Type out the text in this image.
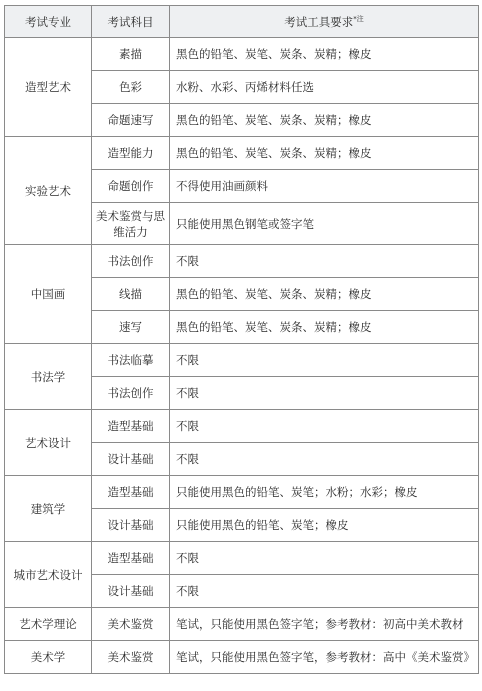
考试专业	考试科目	考试工具要求$^{*注}$
造型艺术	素描	黑色的铅笔、炭笔、炭条、炭精；橡皮
	色彩	水粉、水彩、丙烯材料任选
	命题速写	黑色的铅笔、炭笔、炭条、炭精；橡皮
实验艺术	造型能力	黑色的铅笔、炭笔、炭条、炭精；橡皮
	命题创作	不得使用油画颜料
	美术鉴赏与思维活力	只能使用黑色钢笔或签字笔
中国画	书法创作	不限
	线描	黑色的铅笔、炭笔、炭条、炭精；橡皮
	速写	黑色的铅笔、炭笔、炭条、炭精；橡皮
书法学	书法临摹	不限
	书法创作	不限
艺术设计	造型基础	不限
	设计基础	不限
建筑学	造型基础	只能使用黑色的铅笔、炭笔；水粉；水彩；橡皮
	设计基础	只能使用黑色的铅笔、炭笔；橡皮
城市艺术设计	造型基础	不限
	设计基础	不限
艺术学理论	美术鉴赏	笔试，只能使用黑色签字笔；参考教材：初高中美术教材
美术学	美术鉴赏	笔试，只能使用黑色签字笔，参考教材：高中《美术鉴赏》
